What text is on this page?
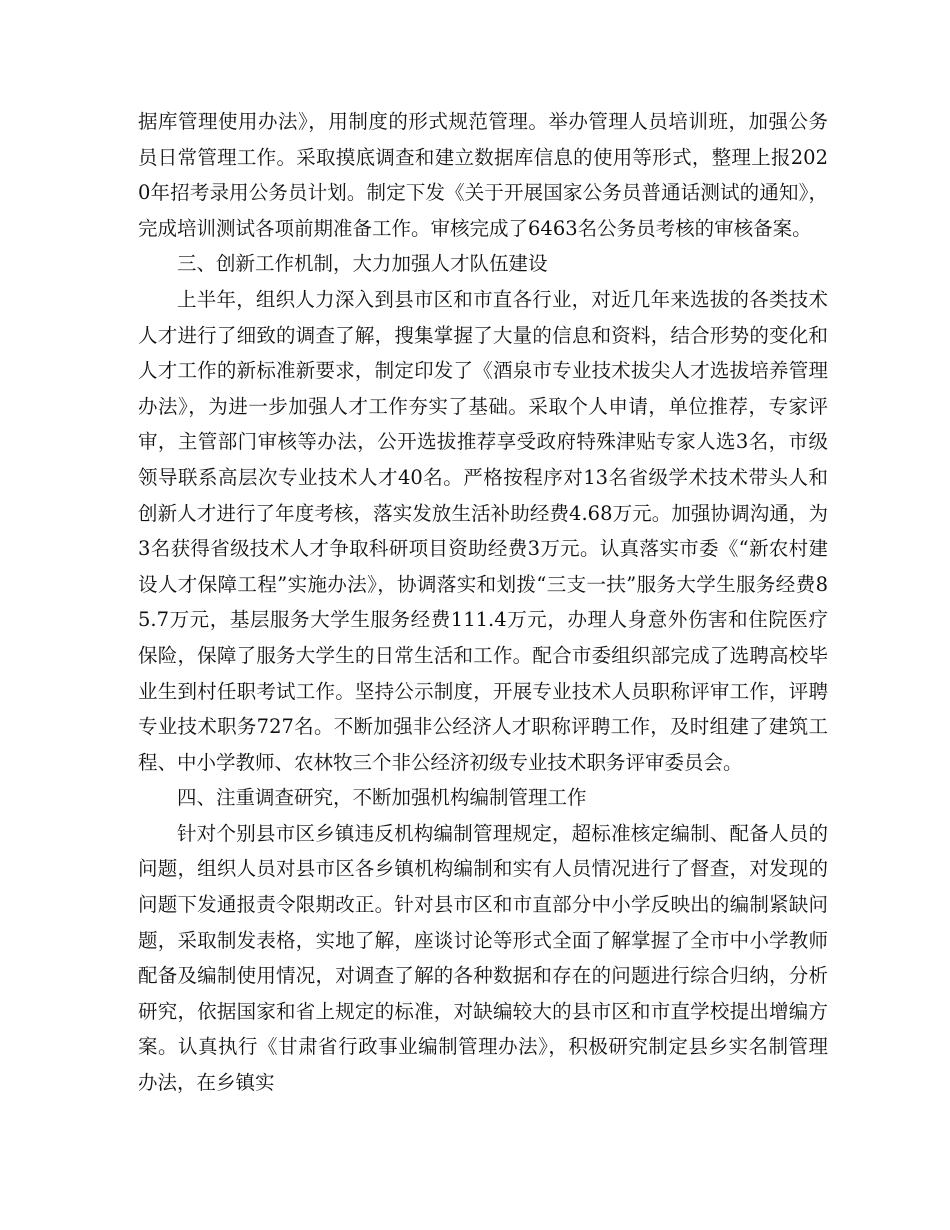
据库管理使用办法》，用制度的形式规范管理。举办管理人员培训班，加强公务员日常管理工作。采取摸底调查和建立数据库信息的使用等形式，整理上报2020年招考录用公务员计划。制定下发《关于开展国家公务员普通话测试的通知》，完成培训测试各项前期准备工作。审核完成了6463名公务员考核的审核备案。

三、创新工作机制，大力加强人才队伍建设

上半年，组织人力深入到县市区和市直各行业，对近几年来选拔的各类技术人才进行了细致的调查了解，搜集掌握了大量的信息和资料，结合形势的变化和人才工作的新标准新要求，制定印发了《酒泉市专业技术拔尖人才选拔培养管理办法》，为进一步加强人才工作夯实了基础。采取个人申请，单位推荐，专家评审，主管部门审核等办法，公开选拔推荐享受政府特殊津贴专家人选3名，市级领导联系高层次专业技术人才40名。严格按程序对13名省级学术技术带头人和创新人才进行了年度考核，落实发放生活补助经费4.68万元。加强协调沟通，为3名获得省级技术人才争取科研项目资助经费3万元。认真落实市委《“新农村建设人才保障工程”实施办法》，协调落实和划拨“三支一扶”服务大学生服务经费85.7万元，基层服务大学生服务经费111.4万元，办理人身意外伤害和住院医疗保险，保障了服务大学生的日常生活和工作。配合市委组织部完成了选聘高校毕业生到村任职考试工作。坚持公示制度，开展专业技术人员职称评审工作，评聘专业技术职务727名。不断加强非公经济人才职称评聘工作，及时组建了建筑工程、中小学教师、农林牧三个非公经济初级专业技术职务评审委员会。

四、注重调查研究，不断加强机构编制管理工作

针对个别县市区乡镇违反机构编制管理规定，超标准核定编制、配备人员的问题，组织人员对县市区各乡镇机构编制和实有人员情况进行了督查，对发现的问题下发通报责令限期改正。针对县市区和市直部分中小学反映出的编制紧缺问题，采取制发表格，实地了解，座谈讨论等形式全面了解掌握了全市中小学教师配备及编制使用情况，对调查了解的各种数据和存在的问题进行综合归纳，分析研究，依据国家和省上规定的标准，对缺编较大的县市区和市直学校提出增编方案。认真执行《甘肃省行政事业编制管理办法》，积极研究制定县乡实名制管理办法，在乡镇实
